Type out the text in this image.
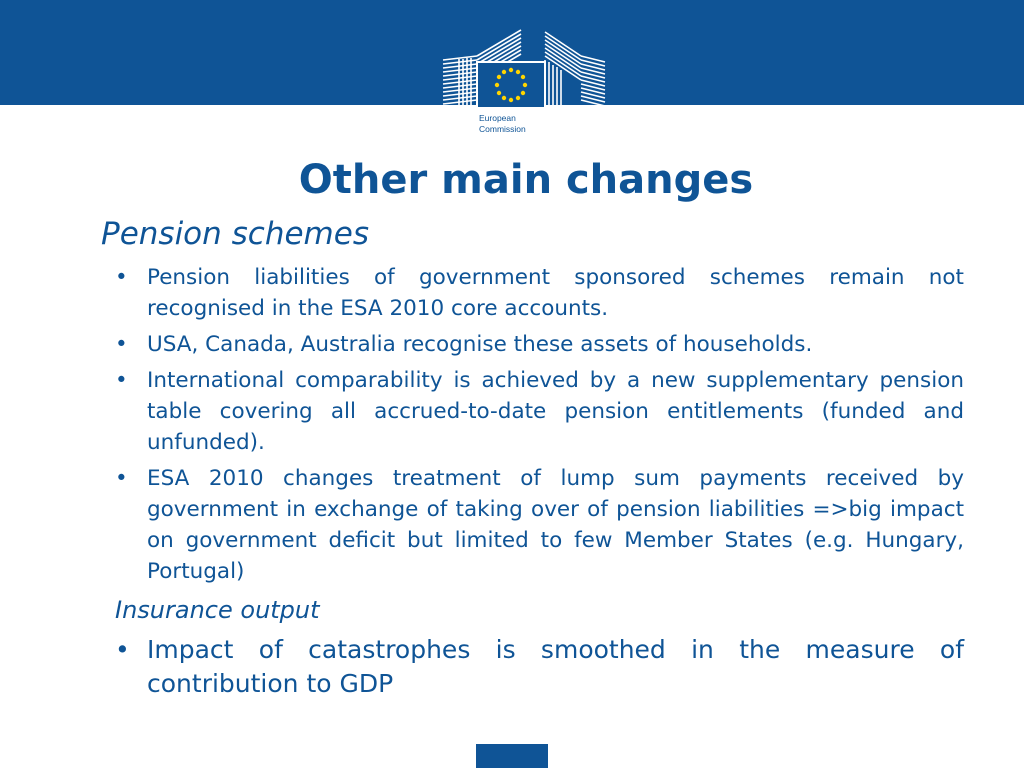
European
Commission
Other main changes

Pension schemes

• Pension liabilities of government sponsored schemes remain not recognised in the ESA 2010 core accounts.
• USA, Canada, Australia recognise these assets of households.
• International comparability is achieved by a new supplementary pension table covering all accrued-to-date pension entitlements (funded and unfunded).
• ESA 2010 changes treatment of lump sum payments received by government in exchange of taking over of pension liabilities =>big impact on government deficit but limited to few Member States (e.g. Hungary, Portugal)

Insurance output

• Impact of catastrophes is smoothed in the measure of contribution to GDP
